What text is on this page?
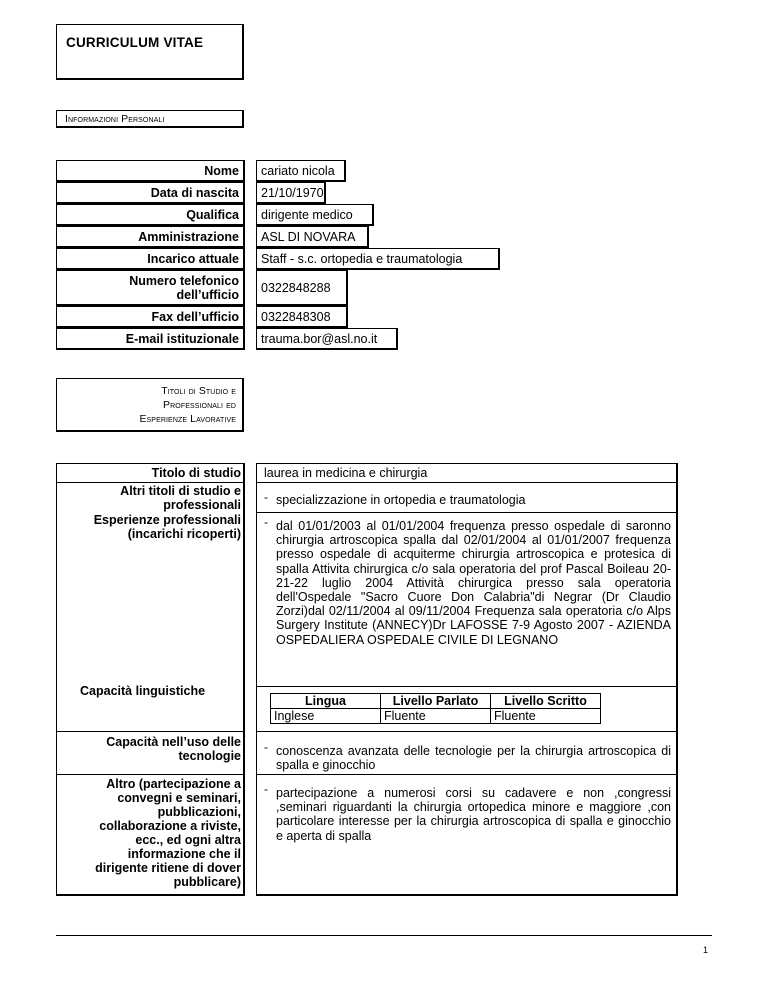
CURRICULUM VITAE
Informazioni Personali
Nome	cariato nicola
Data di nascita	21/10/1970
Qualifica	dirigente medico
Amministrazione	ASL DI NOVARA
Incarico attuale	Staff - s.c. ortopedia e traumatologia
Numero telefonico
dell’ufficio	0322848288
Fax dell’ufficio	0322848308
E-mail istituzionale	trauma.bor@asl.no.it
Titoli di Studio e
Professionali ed
Esperienze Lavorative
Titolo di studio	laurea in medicina e chirurgia
Altri titoli di studio e
professionali
- specializzazione in ortopedia e traumatologia
Esperienze professionali
(incarichi ricoperti)
- dal 01/01/2003 al 01/01/2004 frequenza presso ospedale di saronno chirurgia artroscopica spalla dal 02/01/2004 al 01/01/2007 frequenza presso ospedale di acquiterme chirurgia artroscopica e protesica di spalla Attivita chirurgica c/o sala operatoria del prof Pascal Boileau 20-21-22 luglio 2004 Attività chirurgica presso sala operatoria dell'Ospedale "Sacro Cuore Don Calabria"di Negrar (Dr Claudio Zorzi)dal 02/11/2004 al 09/11/2004 Frequenza sala operatoria c/o Alps Surgery Institute (ANNECY)Dr LAFOSSE 7-9 Agosto 2007 - AZIENDA OSPEDALIERA OSPEDALE CIVILE DI LEGNANO
Capacità linguistiche
Lingua	Livello Parlato	Livello Scritto
Inglese	Fluente	Fluente
Capacità nell’uso delle
tecnologie
- conoscenza avanzata delle tecnologie per la chirurgia artroscopica di spalla e ginocchio
Altro (partecipazione a
convegni e seminari,
pubblicazioni,
collaborazione a riviste,
ecc., ed ogni altra
informazione che il
dirigente ritiene di dover
pubblicare)
- partecipazione a numerosi corsi su cadavere e non ,congressi ,seminari riguardanti la chirurgia ortopedica minore e maggiore ,con particolare interesse per la chirurgia artroscopica di spalla e ginocchio e aperta di spalla
1
